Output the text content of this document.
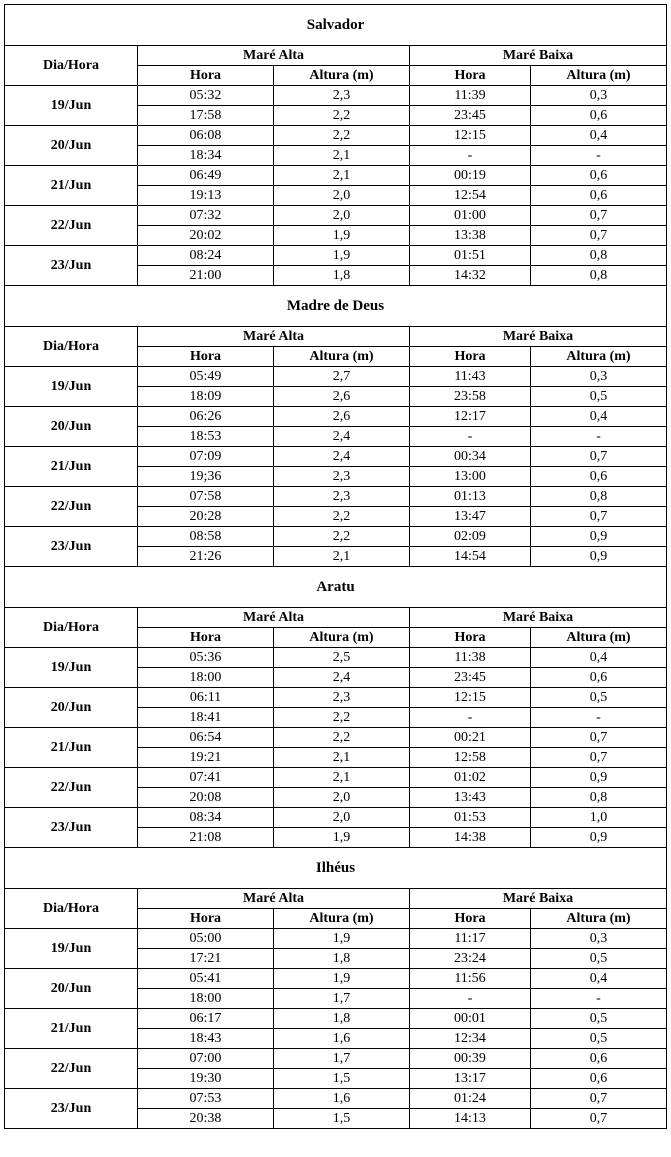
Salvador				
Dia/Hora	Maré Alta		Maré Baixa	
	Hora	Altura (m)	Hora	Altura (m)
19/Jun	05:32	2,3	11:39	0,3
	17:58	2,2	23:45	0,6
20/Jun	06:08	2,2	12:15	0,4
	18:34	2,1	-	-
21/Jun	06:49	2,1	00:19	0,6
	19:13	2,0	12:54	0,6
22/Jun	07:32	2,0	01:00	0,7
	20:02	1,9	13:38	0,7
23/Jun	08:24	1,9	01:51	0,8
	21:00	1,8	14:32	0,8
Madre de Deus				
Dia/Hora	Maré Alta		Maré Baixa	
	Hora	Altura (m)	Hora	Altura (m)
19/Jun	05:49	2,7	11:43	0,3
	18:09	2,6	23:58	0,5
20/Jun	06:26	2,6	12:17	0,4
	18:53	2,4	-	-
21/Jun	07:09	2,4	00:34	0,7
	19;36	2,3	13:00	0,6
22/Jun	07:58	2,3	01:13	0,8
	20:28	2,2	13:47	0,7
23/Jun	08:58	2,2	02:09	0,9
	21:26	2,1	14:54	0,9
Aratu				
Dia/Hora	Maré Alta		Maré Baixa	
	Hora	Altura (m)	Hora	Altura (m)
19/Jun	05:36	2,5	11:38	0,4
	18:00	2,4	23:45	0,6
20/Jun	06:11	2,3	12:15	0,5
	18:41	2,2	-	-
21/Jun	06:54	2,2	00:21	0,7
	19:21	2,1	12:58	0,7
22/Jun	07:41	2,1	01:02	0,9
	20:08	2,0	13:43	0,8
23/Jun	08:34	2,0	01:53	1,0
	21:08	1,9	14:38	0,9
Ilhéus				
Dia/Hora	Maré Alta		Maré Baixa	
	Hora	Altura (m)	Hora	Altura (m)
19/Jun	05:00	1,9	11:17	0,3
	17:21	1,8	23:24	0,5
20/Jun	05:41	1,9	11:56	0,4
	18:00	1,7	-	-
21/Jun	06:17	1,8	00:01	0,5
	18:43	1,6	12:34	0,5
22/Jun	07:00	1,7	00:39	0,6
	19:30	1,5	13:17	0,6
23/Jun	07:53	1,6	01:24	0,7
	20:38	1,5	14:13	0,7
